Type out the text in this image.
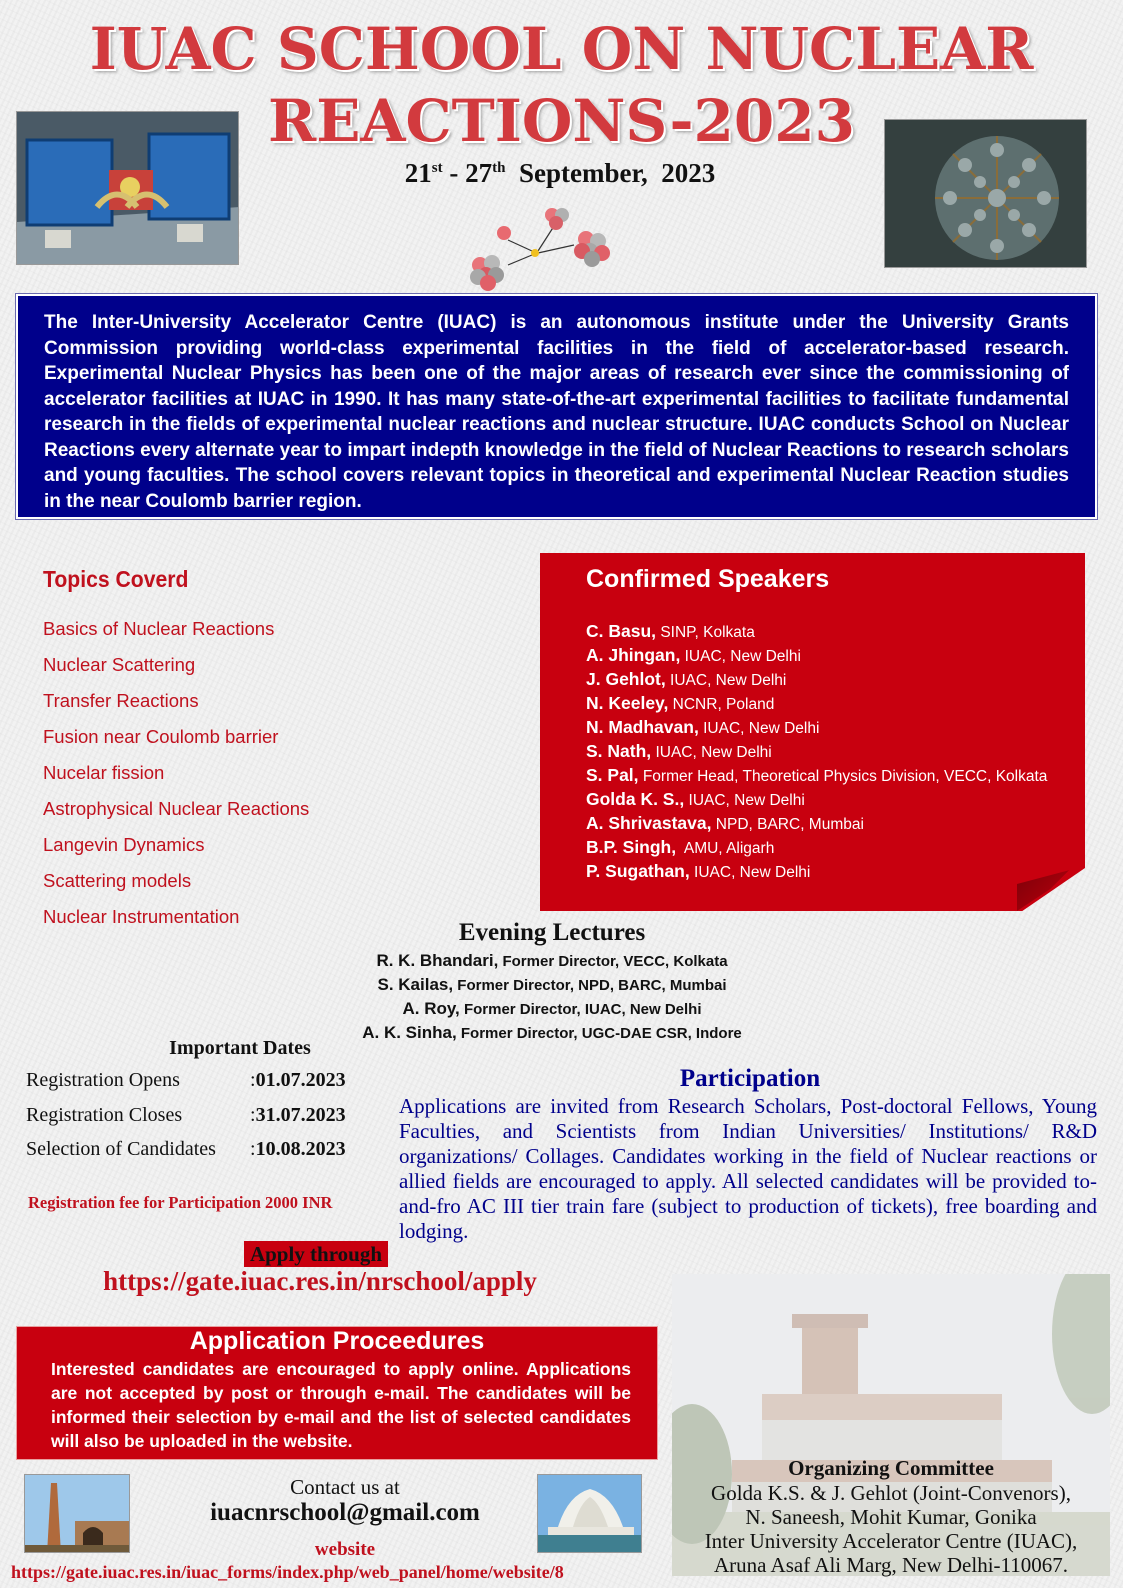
IUAC SCHOOL ON NUCLEAR
REACTIONS-2023
21st - 27th  September,  2023

The Inter-University Accelerator Centre (IUAC) is an autonomous institute under the University Grants Commission providing world-class experimental facilities in the field of accelerator-based research. Experimental Nuclear Physics has been one of the major areas of research ever since the commissioning of accelerator facilities at IUAC in 1990. It has many state-of-the-art experimental facilities to facilitate fundamental research in the fields of experimental nuclear reactions and nuclear structure. IUAC conducts School on Nuclear Reactions every alternate year to impart indepth knowledge in the field of Nuclear Reactions to research scholars and young faculties. The school covers relevant topics in theoretical and experimental Nuclear Reaction studies in the near Coulomb barrier region.

Topics Coverd
Basics of Nuclear Reactions
Nuclear Scattering
Transfer Reactions
Fusion near Coulomb barrier
Nucelar fission
Astrophysical Nuclear Reactions
Langevin Dynamics
Scattering models
Nuclear Instrumentation
Confirmed Speakers
C. Basu, SINP, Kolkata
A. Jhingan, IUAC, New Delhi
J. Gehlot, IUAC, New Delhi
N. Keeley, NCNR, Poland
N. Madhavan, IUAC, New Delhi
S. Nath, IUAC, New Delhi
S. Pal, Former Head, Theoretical Physics Division, VECC, Kolkata
Golda K. S., IUAC, New Delhi
A. Shrivastava, NPD, BARC, Mumbai
B.P. Singh,  AMU, Aligarh
P. Sugathan, IUAC, New Delhi
Evening Lectures
R. K. Bhandari, Former Director, VECC, Kolkata
S. Kailas, Former Director, NPD, BARC, Mumbai
A. Roy, Former Director, IUAC, New Delhi
A. K. Sinha, Former Director, UGC-DAE CSR, Indore
Important Dates
Registration Opens	: 01.07.2023
Registration Closes	: 31.07.2023
Selection of Candidates	: 10.08.2023
Registration fee for Participation 2000 INR
Participation
Applications are invited from Research Scholars, Post-doctoral Fellows, Young Faculties, and Scientists from Indian Universities/ Institutions/ R&D organizations/ Collages. Candidates working in the field of Nuclear reactions or allied fields are encouraged to apply. All selected candidates will be provided to-and-fro AC III tier train fare (subject to production of tickets), free boarding and lodging.
Apply through
https://gate.iuac.res.in/nrschool/apply
Organizing Committee
Golda K.S. & J. Gehlot (Joint-Convenors),
N. Saneesh, Mohit Kumar, Gonika
Inter University Accelerator Centre (IUAC),
Aruna Asaf Ali Marg, New Delhi-110067.
Application Proceedures
Interested candidates are encouraged to apply online. Applications are not accepted by post or through e-mail. The candidates will be informed their selection by e-mail and the list of selected candidates will also be uploaded in the website.
Contact us at
iuacnrschool@gmail.com
website
https://gate.iuac.res.in/iuac_forms/index.php/web_panel/home/website/8
